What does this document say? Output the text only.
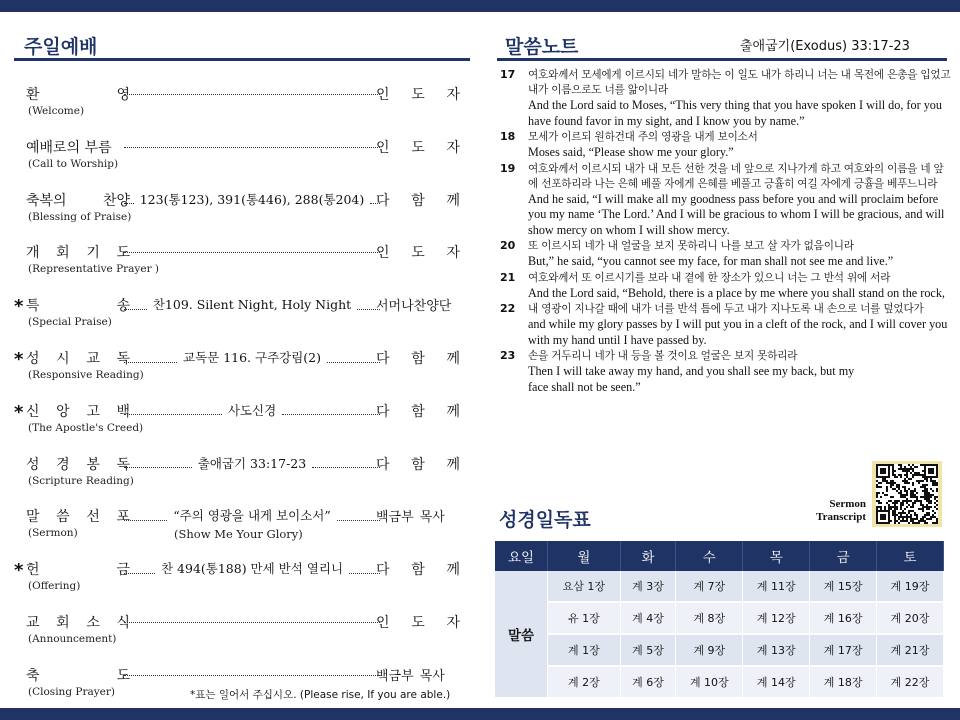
주일예배
환	영
(Welcome)
인 도 자
예배로의 부름
(Call to Worship)
인 도 자
축복의	찬양
(Blessing of Praise)
123(통123), 391(통446), 288(통204) 다 함 께
개 회 기 도
(Representative Prayer )
인 도 자
* 특	송
(Special Praise)
찬109. Silent Night, Holy Night	서머나찬양단
* 성 시 교 독
(Responsive Reading)
교독문 116. 구주강림(2)	다 함 께
* 신 앙 고 백
(The Apostle's Creed)
사도신경	다 함 께
성 경 봉 독
(Scripture Reading)
출애굽기 33:17-23	다 함 께
말 씀 선 포
(Sermon)
“주의 영광을 내게 보이소서”
(Show Me Your Glory)
백금부 목사
* 헌	금
(Offering)
찬 494(통188) 만세 반석 열리니 다 함 께
교 회 소 식
(Announcement)
인 도 자
축	도
(Closing Prayer)
백금부 목사
*표는 일어서 주십시오. (Please rise, If you are able.)
말씀노트	출애굽기(Exodus) 33:17-23
17 여호와께서 모세에게 이르시되 네가 말하는 이 일도 내가 하리니 너는 내 목전에 은총을 입었고 내가 이름으로도 너를 앎이니라
And the Lord said to Moses, “This very thing that you have spoken I will do, for you have found favor in my sight, and I know you by name.”
18 모세가 이르되 원하건대 주의 영광을 내게 보이소서
Moses said, “Please show me your glory.”
19 여호와께서 이르시되 내가 내 모든 선한 것을 네 앞으로 지나가게 하고 여호와의 이름을 네 앞에 선포하리라 나는 은혜 베풀 자에게 은혜를 베풀고 긍휼히 여길 자에게 긍휼을 베푸느니라
And he said, “I will make all my goodness pass before you and will proclaim before you my name ‘The Lord.’ And I will be gracious to whom I will be gracious, and will show mercy on whom I will show mercy.
20 또 이르시되 네가 내 얼굴을 보지 못하리니 나를 보고 살 자가 없음이니라
But,” he said, “you cannot see my face, for man shall not see me and live.”
21 여호와께서 또 이르시기를 보라 내 곁에 한 장소가 있으니 너는 그 반석 위에 서라
And the Lord said, “Behold, there is a place by me where you shall stand on the rock,
22 내 영광이 지나갈 때에 내가 너를 반석 틈에 두고 내가 지나도록 내 손으로 너를 덮었다가
and while my glory passes by I will put you in a cleft of the rock, and I will cover you with my hand until I have passed by.
23 손을 거두리니 네가 내 등을 볼 것이요 얼굴은 보지 못하리라
Then I will take away my hand, and you shall see my back, but my face shall not be seen.”
Sermon Transcript
성경일독표
요일	월	화	수	목	금	토
말씀	요삼 1장	계 3장	계 7장	계 11장	계 15장	계 19장
	유 1장	계 4장	계 8장	계 12장	계 16장	계 20장
	계 1장	계 5장	계 9장	계 13장	계 17장	계 21장
	계 2장	계 6장	계 10장	계 14장	계 18장	계 22장
